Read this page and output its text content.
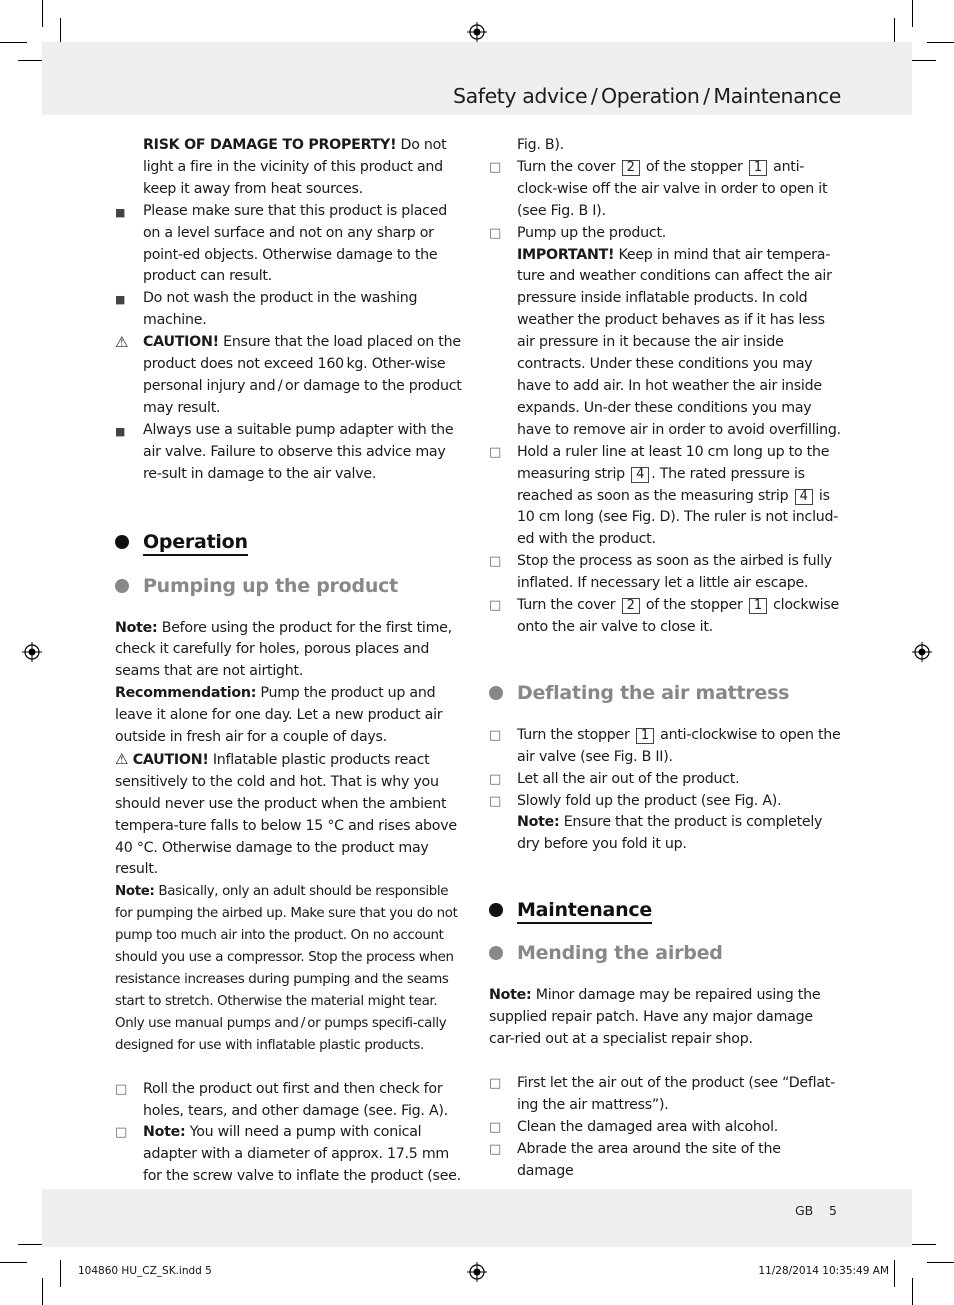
Safety advice / Operation / Maintenance
GB 5
104860 HU_CZ_SK.indd 5	11/28/2014 10:35:49 AM

RISK OF DAMAGE TO PROPERTY! Do not light a fire in the vicinity of this product and keep it away from heat sources.

■ Please make sure that this product is placed on a level surface and not on any sharp or point-ed objects. Otherwise damage to the product can result.

■ Do not wash the product in the washing machine.

⚠ CAUTION! Ensure that the load placed on the product does not exceed 160 kg. Other-wise personal injury and / or damage to the product may result.

■ Always use a suitable pump adapter with the air valve. Failure to observe this advice may re-sult in damage to the air valve.

Operation

Pumping up the product

Note: Before using the product for the first time, check it carefully for holes, porous places and seams that are not airtight.

Recommendation: Pump the product up and leave it alone for one day. Let a new product air outside in fresh air for a couple of days.

⚠ CAUTION! Inflatable plastic products react sensitively to the cold and hot. That is why you should never use the product when the ambient tempera-ture falls to below 15 °C and rises above 40 °C. Otherwise damage to the product may result.

Note: Basically, only an adult should be responsible for pumping the airbed up. Make sure that you do not pump too much air into the product. On no account should you use a compressor. Stop the process when resistance increases during pumping and the seams start to stretch. Otherwise the material might tear. Only use manual pumps and / or pumps specifi-cally designed for use with inflatable plastic products.

□ Roll the product out first and then check for holes, tears, and other damage (see. Fig. A).

□ Note: You will need a pump with conical adapter with a diameter of approx. 17.5 mm for the screw valve to inflate the product (see.

Fig. B).

□ Turn the cover 2 of the stopper 1 anti-clock-wise off the air valve in order to open it (see Fig. B I).

□ Pump up the product.
IMPORTANT! Keep in mind that air tempera-ture and weather conditions can affect the air pressure inside inflatable products. In cold weather the product behaves as if it has less air pressure in it because the air inside contracts. Under these conditions you may have to add air. In hot weather the air inside expands. Un-der these conditions you may have to remove air in order to avoid overfilling.

□ Hold a ruler line at least 10 cm long up to the measuring strip 4 . The rated pressure is reached as soon as the measuring strip 4 is 10 cm long (see Fig. D). The ruler is not includ-ed with the product.

□ Stop the process as soon as the airbed is fully inflated. If necessary let a little air escape.

□ Turn the cover 2 of the stopper 1 clockwise onto the air valve to close it.

Deflating the air mattress

□ Turn the stopper 1 anti-clockwise to open the air valve (see Fig. B II).

□ Let all the air out of the product.

□ Slowly fold up the product (see Fig. A).
Note: Ensure that the product is completely dry before you fold it up.

Maintenance

Mending the airbed

Note: Minor damage may be repaired using the supplied repair patch. Have any major damage car-ried out at a specialist repair shop.

□ First let the air out of the product (see “Deflat-ing the air mattress”).

□ Clean the damaged area with alcohol.

□ Abrade the area around the site of the damage
